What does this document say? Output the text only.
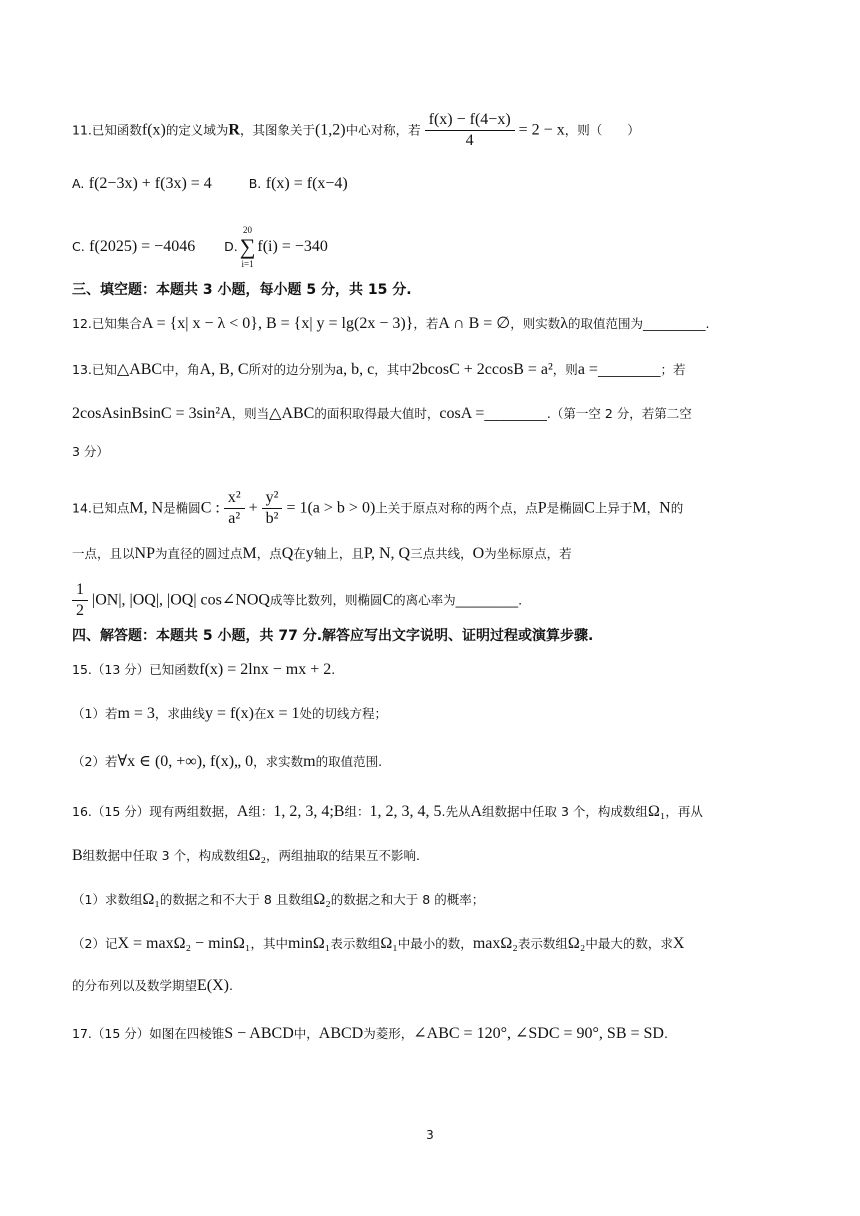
11.已知函数f(x)的定义域为R，其图象关于(1,2)中心对称，若 $\frac{f(x) - f(4-x)}{4} = 2 - x$，则（　　）
A. f(2−3x) + f(3x) = 4	B. f(x) = f(x−4)
C. f(2025) = −4046 D.
20
∑
i=1
f(i) = −340
三、填空题：本题共 3 小题，每小题 5 分，共 15 分.
12.已知集合A = {x| x − λ < 0}, B = {x| y = lg(2x − 3)}，若A ∩ B = ∅，则实数λ的取值范围为__________.
13.已知△ABC中，角A, B, C所对的边分别为a, b, c，其中2bcosC + 2ccosB = a²，则a =__________；若
2cosAsinBsinC = 3sin²A，则当△ABC的面积取得最大值时，cosA =__________.（第一空 2 分，若第二空
3 分）
14.已知点M, N是椭圆C : $\frac{\text{x²}}{\text{a²}} + \frac{\text{y²}}{\text{b²}} = 1(a > b > 0)$上关于原点对称的两个点，点P是椭圆C上异于M，N的
一点，且以NP为直径的圆过点M，点Q在y轴上，且P, N, Q三点共线，O为坐标原点，若
$\frac{1}{2} |ON|$, |OQ|, |OQ| cos∠NOQ成等比数列，则椭圆C的离心率为__________.
四、解答题：本题共 5 小题，共 77 分.解答应写出文字说明、证明过程或演算步骤.
15.（13 分）已知函数f(x) = 2lnx − mx + 2.
（1）若m = 3，求曲线y = f(x)在x = 1处的切线方程；
（2）若∀x ∈ (0, +∞), f(x)„ 0，求实数m的取值范围.
16.（15 分）现有两组数据，A组：1, 2, 3, 4;B组：1, 2, 3, 4, 5.先从A组数据中任取 3 个，构成数组Ω₁，再从
B组数据中任取 3 个，构成数组Ω₂，两组抽取的结果互不影响.
（1）求数组Ω₁的数据之和不大于 8 且数组Ω₂的数据之和大于 8 的概率；
（2）记X = maxΩ₂ − minΩ₁，其中minΩ₁表示数组Ω₁中最小的数，maxΩ₂表示数组Ω₂中最大的数，求X
的分布列以及数学期望E(X).
17.（15 分）如图在四棱锥S − ABCD中，ABCD为菱形，∠ABC = 120°, ∠SDC = 90°, SB = SD.
3
